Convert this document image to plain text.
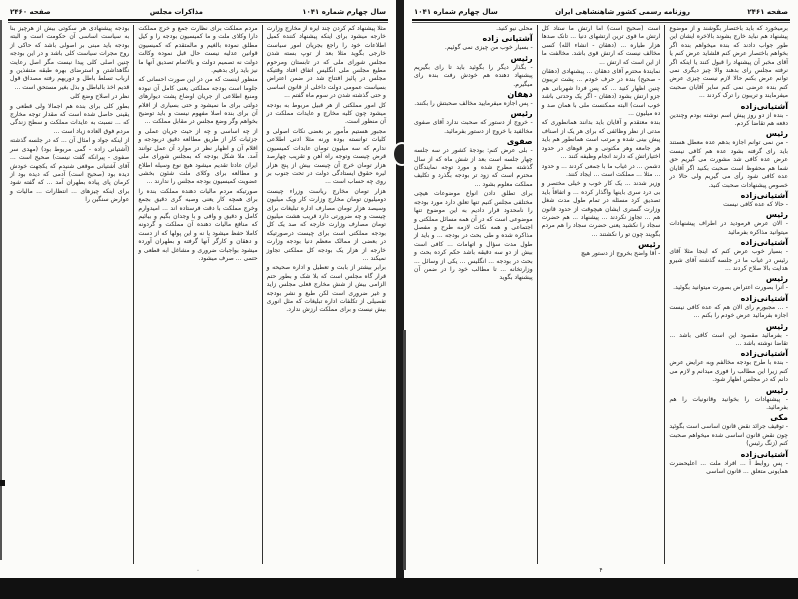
سال چهارم شماره ۱۰۴۱
مذاکرات مجلس
صفحه ۲۴۶۰
مثلا پیشنهاد کم کردن چند ایره از مخارج وزارت خارجه میشود برای اینکه پیشنهاد کننده کمیل اطلاعات خود را راجع بجریان امور سیاست خارجی بگوید مثلا بعد از توپ بسته شدن مجلس شورای ملی که در تابستان ومرحوم مطیع مجلس ملی انگلیس اتفاق افتاد وقتیکه مجلس در پائیز افتتاح شد در ضمن اعتراض بسیاست عمومی دولت داخلی از قانون اساسی و حتی گذشته شدن در سوم ماه گفتم ...
کل امور مملکتی از هر قبیل مربوط به بودجه میشود چون کلیه مخارج و عایدات مملکت در آن منظور است.
مجبور هستیم مأمور بر بعضی نکات اصولی و کلیات توانسته بوده ورنه مثلا ادنی اطلاعی ندارم که سه میلیون تومان عایدات کمیسیون قرض چیست وتوجه راه آهن و تقریب چهارصد هزار تومان خرج آن چیست بیش از پنج هزار لیره حقوق ایستادگی دولت در تحت جنوب بر روی چه حساب است ...
هزار تومان مخارج ریاست وزراء چیست دومیلیون تومان مخارج وزارت کار ویک میلیون وسیصد هزار تومان مصارف اداره تبلیغات برای چیست و چه ضرورتی دارد قریب هشت میلیون تومان مصارف وزارت خارجه که صد یک کل بودجه مملکتی است برای چیست درصورتیکه در بعضی از ممالک معظم دنیا بودجه وزارت خارجه از هزار یک بودجه کل مملکتی تجاوز نمیکند ...
برابر بیشتر از بابت و تعطیل و اداره صحیحه و قرار گاه مجلس است که بلا شک و بطور حتم الزامی بیش از شش مخارج فعلی مجلس زاید و غیر ضروری است لکن طبع و نشر بودجه تفصیلی از تکلفات اداره تبلیغات که مثل انوری بیش نیست و برای مملکت ارزش ندارد.
مردم مملکت برای نظارت جمع و خرج مملکت دارا وکلای ملت و ما کمیسیون بودجه را و کیل مطلق نموده بالغیم و مالمتقدم که کمیسیون قوانین عدلیه نیست حال قبل نموده وکالت دولت نه تصمیم دولت و بالاتمام تصدیق آنها ما نیز باید رای بدهیم.
منظور اینست که من در این صورت احسانی که جلوما است بودجه مملکتی یعنی کامل آن نبوده ومنبع اطلاعی از جریان اوضاع پشت دیوارهای دولتی برای ما نمیشود و حتی بسیاری از اقلام آن برای بنده اصلا مفهوم نیست و باید توضیح بخواهم وگر وضع مجلس در مقابل مملکت ...
از چه اساسی و چه از حیث جریان عملی و جزئیات کار از طریق مطالعه دقیق دربودجه و اقلام آن و اظهار نظر در موارد آن عمل توانند آمد. ملا شکل بودجه که بمجلس شورای ملی ایران عادتا تقدیم میشود هیچ نوع وسیله اطلاع و مطالعه برای وکلای ملت شئون بخشی عضویت کمیسیون بودجه مجلس را ندارند ...
صورتیکه مردم مالیات دهنده مملکت بنده را برای همچه کار یعنی وصیه گری دقیق بجمع وخرج مملکت با دقت فرستاده اند ... امیدوارم کامل و دقیق و وافی و با وجدان بگیم و بیائیم که منافع مالیات دهنده آن مملکت و گردونه کاملا حفظ میشود یا نه و این پولها که از دست و دهقان و کارگر آنها گرفته و بطهران آورده میشود بواجبات ضروری و مشاغل ابه قطعی و حتمی ... صرف میشود.
بودجه پیشنهادی هر سکوتی بیش از هرچیز بنا به سیاست اساسی آن حکومت است و البته بودجه باید مبنی بر اصولی باشد که حاکی از روح مجرات سیاست کلی باشد و در این بودجه چنین اصلی کلی پیدا نیست مگر اصل رعایت نگاهداشتن و استرضای بهره طبقه متنفذین و ارباب تسلط باطل و دوریهم رفته مصداق قول قدیم اخذ بالباطل و بذل بغیر مستحق است ...
نظر در اصلاح وضع کلی
بطور کلی برای بنده هم اجمالا ولی قطعی و یقینی حاصل شده است که مقدار توجه مخارج که ... نسبت به عایدات مملکت و سطح زندگی مردم فوق العاده زیاد است ...
از اینکه جواد و امثال آن ... که در جلسه گذشته (آشتیانی زاده - گمی مربوط بود) (مهدی سر صفوی - پیرانکه گفت نیست) صحیح است ... آقای آشتیانی موقعی شنیدم که یکجهت خودش دیده بود (صحیح است) آدمی که دیده بود از کرمان پای پیاده بطهران آمد ... که گفته شود برای اینکه چیزهای ... انتظارات ... مالیات و عوارض سنگین را
۰
صفحه ۲۴۶۱
روزنامه رسمی کشور شاهنشاهی ایران
سال چهارم شماره ۱۰۴۱
برمیخورد که باید باختصار بگوشند و از موضوع پیشنهاد هم نباید خارج بشوند بالاخره ایشان این طور جواب دادند که بنده میخواهم بنده اگر بخواهم باختصار عرض کنم فلشاید عرض کنم یا آقای مخبر آن پیشنهاد را قبول کنند یا اینکه اگر نرفته مجلس رای بدهند والا چیز دیگری نمی توانم عرض بکنم حالا لازم نیست چیزی عرض کنم بنده عرضی نمی کنم سایر آقایان صحبت میفرمایند و تریبون را ترک کردند ...
آشتیانی‌زاده
- بنده از دو روز پیش اسم نوشته بودم وچندین دفعه هم تقاضا کردم.
رئیس
- من نمی توانم اجازه بدهم عده معطل هستند باید رای گرفته بشود عده هم کافی نیست عرض عده کافی شد مشورت می گیریم حق شما هم محفوظ است صحبت بکنید اگر آقایان عده کافی شود رأی می گیریم ولی حالا در خصوص پیشنهادات صحبت کنید.
آشتیانی‌زاده
- حالا که عده کافی نیست
رئیس
- الان عرض فرمودید در اطراف پیشنهادات میتوانید مذاکره بفرمائید
آشتیانی‌زاده
- بسیار خوب عرض کنم که اینجا مثلا آقای رئیس در غیاب ما در جلسه گذشته آقای شیرو هدایت بالا صلاح کردند ...
رئیس
- آنرا بصورت اعتراض بصورت میتوانید بگوئید.
آشتیانی‌زاده
- ... مجبورم رای الان هم که عده کافی نیست اجازه بفرمائید عرض خودم را بکنم ...
رئیس
- بفرمائید مقصود این است کافی باشد ... تقاضا نوشته باشد ...
آشتیانی‌زاده
- بنده با طرح بودجه مخالفم وبه عرایض عرض کنم زیرا این مطالب را فوری میدانم و لازم می دانم که در مجلس اظهار شود.
رئیس
- پیشنهادات را بخوانید وقانونیات را هم بفرمائید.
مکی
- توقیف جرائد نقض قانون اساسی است بگوئید چون نقض قانون اساسی شده میخواهم صحبت کنم (زنگ رئیس)
آشتیانی‌زاده
- پس روابط آ ... افراد ملت ... اعلیحضرت همایونی متعلق ... قانون اساسی
است (صحیح است) اما ارتش ما ستاد کل ارتش ما قوی ترین ارتشهای دنیا ... تانک صدها هزار طیاره ... (دهقان - انشاء الله) کسی مخالف نیست که ارتش قوی باشد. مخالفت ما از این است که ارتش ...
نمایندهٔ محترم آقای دهقان ... پیشنهادی (دهقان - صحیح) بنده در حرف خودم ... پشت تریبون چنین اظهار کنید ... که پس فردا شهربانی هم جزو ارتش بشود (دهقان - اگر یک وحدتی باشد خوب است) البته ممکنست ملی با همان صد و ده میلیون ...
بنده معتقدم و آقایان باید بدانند همانطوری که مدتی از نظر وظائفی که برای هر یک از اصناف پیش بینی شده و مرتب است همانطور هم باید هر جامعه وهر مکتونی و هر قوهای در حدود اختیاراتش که دارند انجام وظیفه کنند ...
دشمن ... در غیاب ما با جمعی کردند ... و حدود ... مثلا ... مملکت است ... ایجاد کنند.
وزیر شدند ... یک کار خوب و خیلی مختصر و بی درد سری باینها واگذار کرده ... و اتفاقاً باید تصدیق کرد مسئله در تمام طول مدت شغل وزارت گستری ایشان هیچوقت از حدود قانون هم ... تجاوز نکردند ... پیشنهاد ... هم حضرت سجاد را نکشید یعنی حضرت سجاد را هم مردم بگویند چون تو را نکشتند ...
رئیس
- آقا واضح بخروج از دستور هیچ
محلی نیو کنید.
آشتیانی زاده
- بسیار خوب من چیزی نمی گوئیم.
رئیس
- بگذار دیگر را بگوئید باید تا رای بگیریم پیشنهاد دهنده هم خودش رفت بنده رای میگیرم.
دهقان
- پس اجازه میفرمایید مخالف صحبتش را بکنند.
رئیس
- خروج از دستور که صحبت ندارد آقای صفوی مخالفید با خروج از دستور بفرمائید.
صفوی
- بلی عرض کنم: بودجهٔ کشور در سه جلسه چهار جلسه است بعد از شش ماه که از سال گذشته مطرح شده و مورد توجه نمایندگان محترم است که زود تر بودجه بگذرد و تکلیف مملکت معلوم بشود ...
برای تطلق دادن انواع موضوعات هیچی مختلفی مجلس کنیم تنها تعلق دارد مورد بودجه را نامحدود قرار دادیم به این موضوع تنها موضوعی است که در آن همه مسائل مملکتی و اجتماعی و همه نکات لازمه طرح و مفصل مذاکره شده و طی بحث در بودجه ... و باید از طول مدت سؤال و اتهامات ... کافی است بیش از دو سه دقیقه باشد حکم کرده بحث و بحث در بودجه ... انگلیس ... یکی از وسائل ... وزارتخانه ... تا مطالب خود را در ضمن آن پیشنهاد بگوید
۴
